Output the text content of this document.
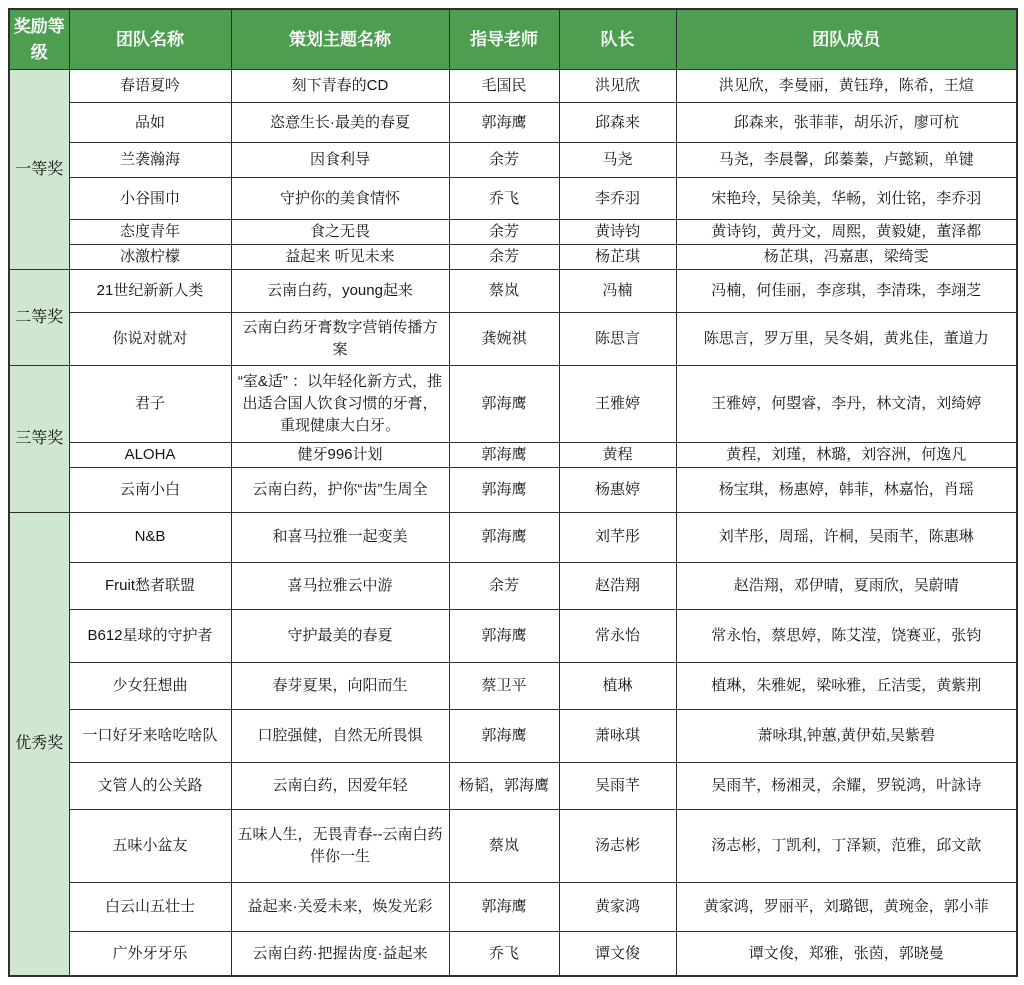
奖励等级	团队名称	策划主题名称	指导老师	队长	团队成员
一等奖	春语夏吟	刻下青春的CD	毛国民	洪见欣	洪见欣，李曼丽，黄钰琤，陈希，王煊
	品如	恣意生长·最美的春夏	郭海鹰	邱森来	邱森来，张菲菲，胡乐沂，廖可杭
	兰袭瀚海	因食利导	余芳	马尧	马尧，李晨馨，邱蓁蓁，卢懿颖，单键
	小谷围巾	守护你的美食情怀	乔飞	李乔羽	宋艳玲，吴徐美，华畅，刘仕铭，李乔羽
	态度青年	食之无畏	余芳	黄诗钧	黄诗钧，黄丹文，周熙，黄毅婕，董泽都
	冰激柠檬	益起来 听见未来	余芳	杨芷琪	杨芷琪，冯嘉惠，梁绮雯
二等奖	21世纪新新人类	云南白药，young起来	蔡岚	冯楠	冯楠，何佳丽，李彦琪，李清珠，李翊芝
	你说对就对	云南白药牙膏数字营销传播方案	龚婉祺	陈思言	陈思言，罗万里，吴冬娟，黄兆佳，董道力
三等奖	君子	“室&适” ：以年轻化新方式，推出适合国人饮食习惯的牙膏，重现健康大白牙。	郭海鹰	王雅婷	王雅婷，何曌睿，李丹，林文清，刘绮婷
	ALOHA	健牙996计划	郭海鹰	黄程	黄程，刘瑾，林璐，刘容洲，何逸凡
	云南小白	云南白药，护你“齿”生周全	郭海鹰	杨惠婷	杨宝琪，杨惠婷，韩菲，林嘉怡，肖瑶
优秀奖	N&B	和喜马拉雅一起变美	郭海鹰	刘芊彤	刘芊彤，周瑶，许桐，吴雨芊，陈惠琳
	Fruit愁者联盟	喜马拉雅云中游	余芳	赵浩翔	赵浩翔，邓伊晴，夏雨欣，吴蔚晴
	B612星球的守护者	守护最美的春夏	郭海鹰	常永怡	常永怡，蔡思婷，陈艾滢，饶赛亚，张钧
	少女狂想曲	春芽夏果，向阳而生	蔡卫平	植琳	植琳，朱雅妮，梁咏雅，丘洁雯，黄紫荆
	一口好牙来啥吃啥队	口腔强健，自然无所畏惧	郭海鹰	萧咏琪	萧咏琪,钟蕙,黄伊茹,吴紫碧
	文管人的公关路	云南白药，因爱年轻	杨韬，郭海鹰	吴雨芊	吴雨芊，杨湘灵，余耀，罗锐鸿，叶詠诗
	五味小盆友	五味人生，无畏青春--云南白药伴你一生	蔡岚	汤志彬	汤志彬，丁凯利，丁泽颖，范雅，邱文歆
	白云山五壮士	益起来·关爱未来，焕发光彩	郭海鹰	黄家鸿	黄家鸿，罗丽平，刘璐锶，黄琬金，郭小菲
	广外牙牙乐	云南白药·把握齿度·益起来	乔飞	谭文俊	谭文俊，郑雅，张茵，郭晓曼
